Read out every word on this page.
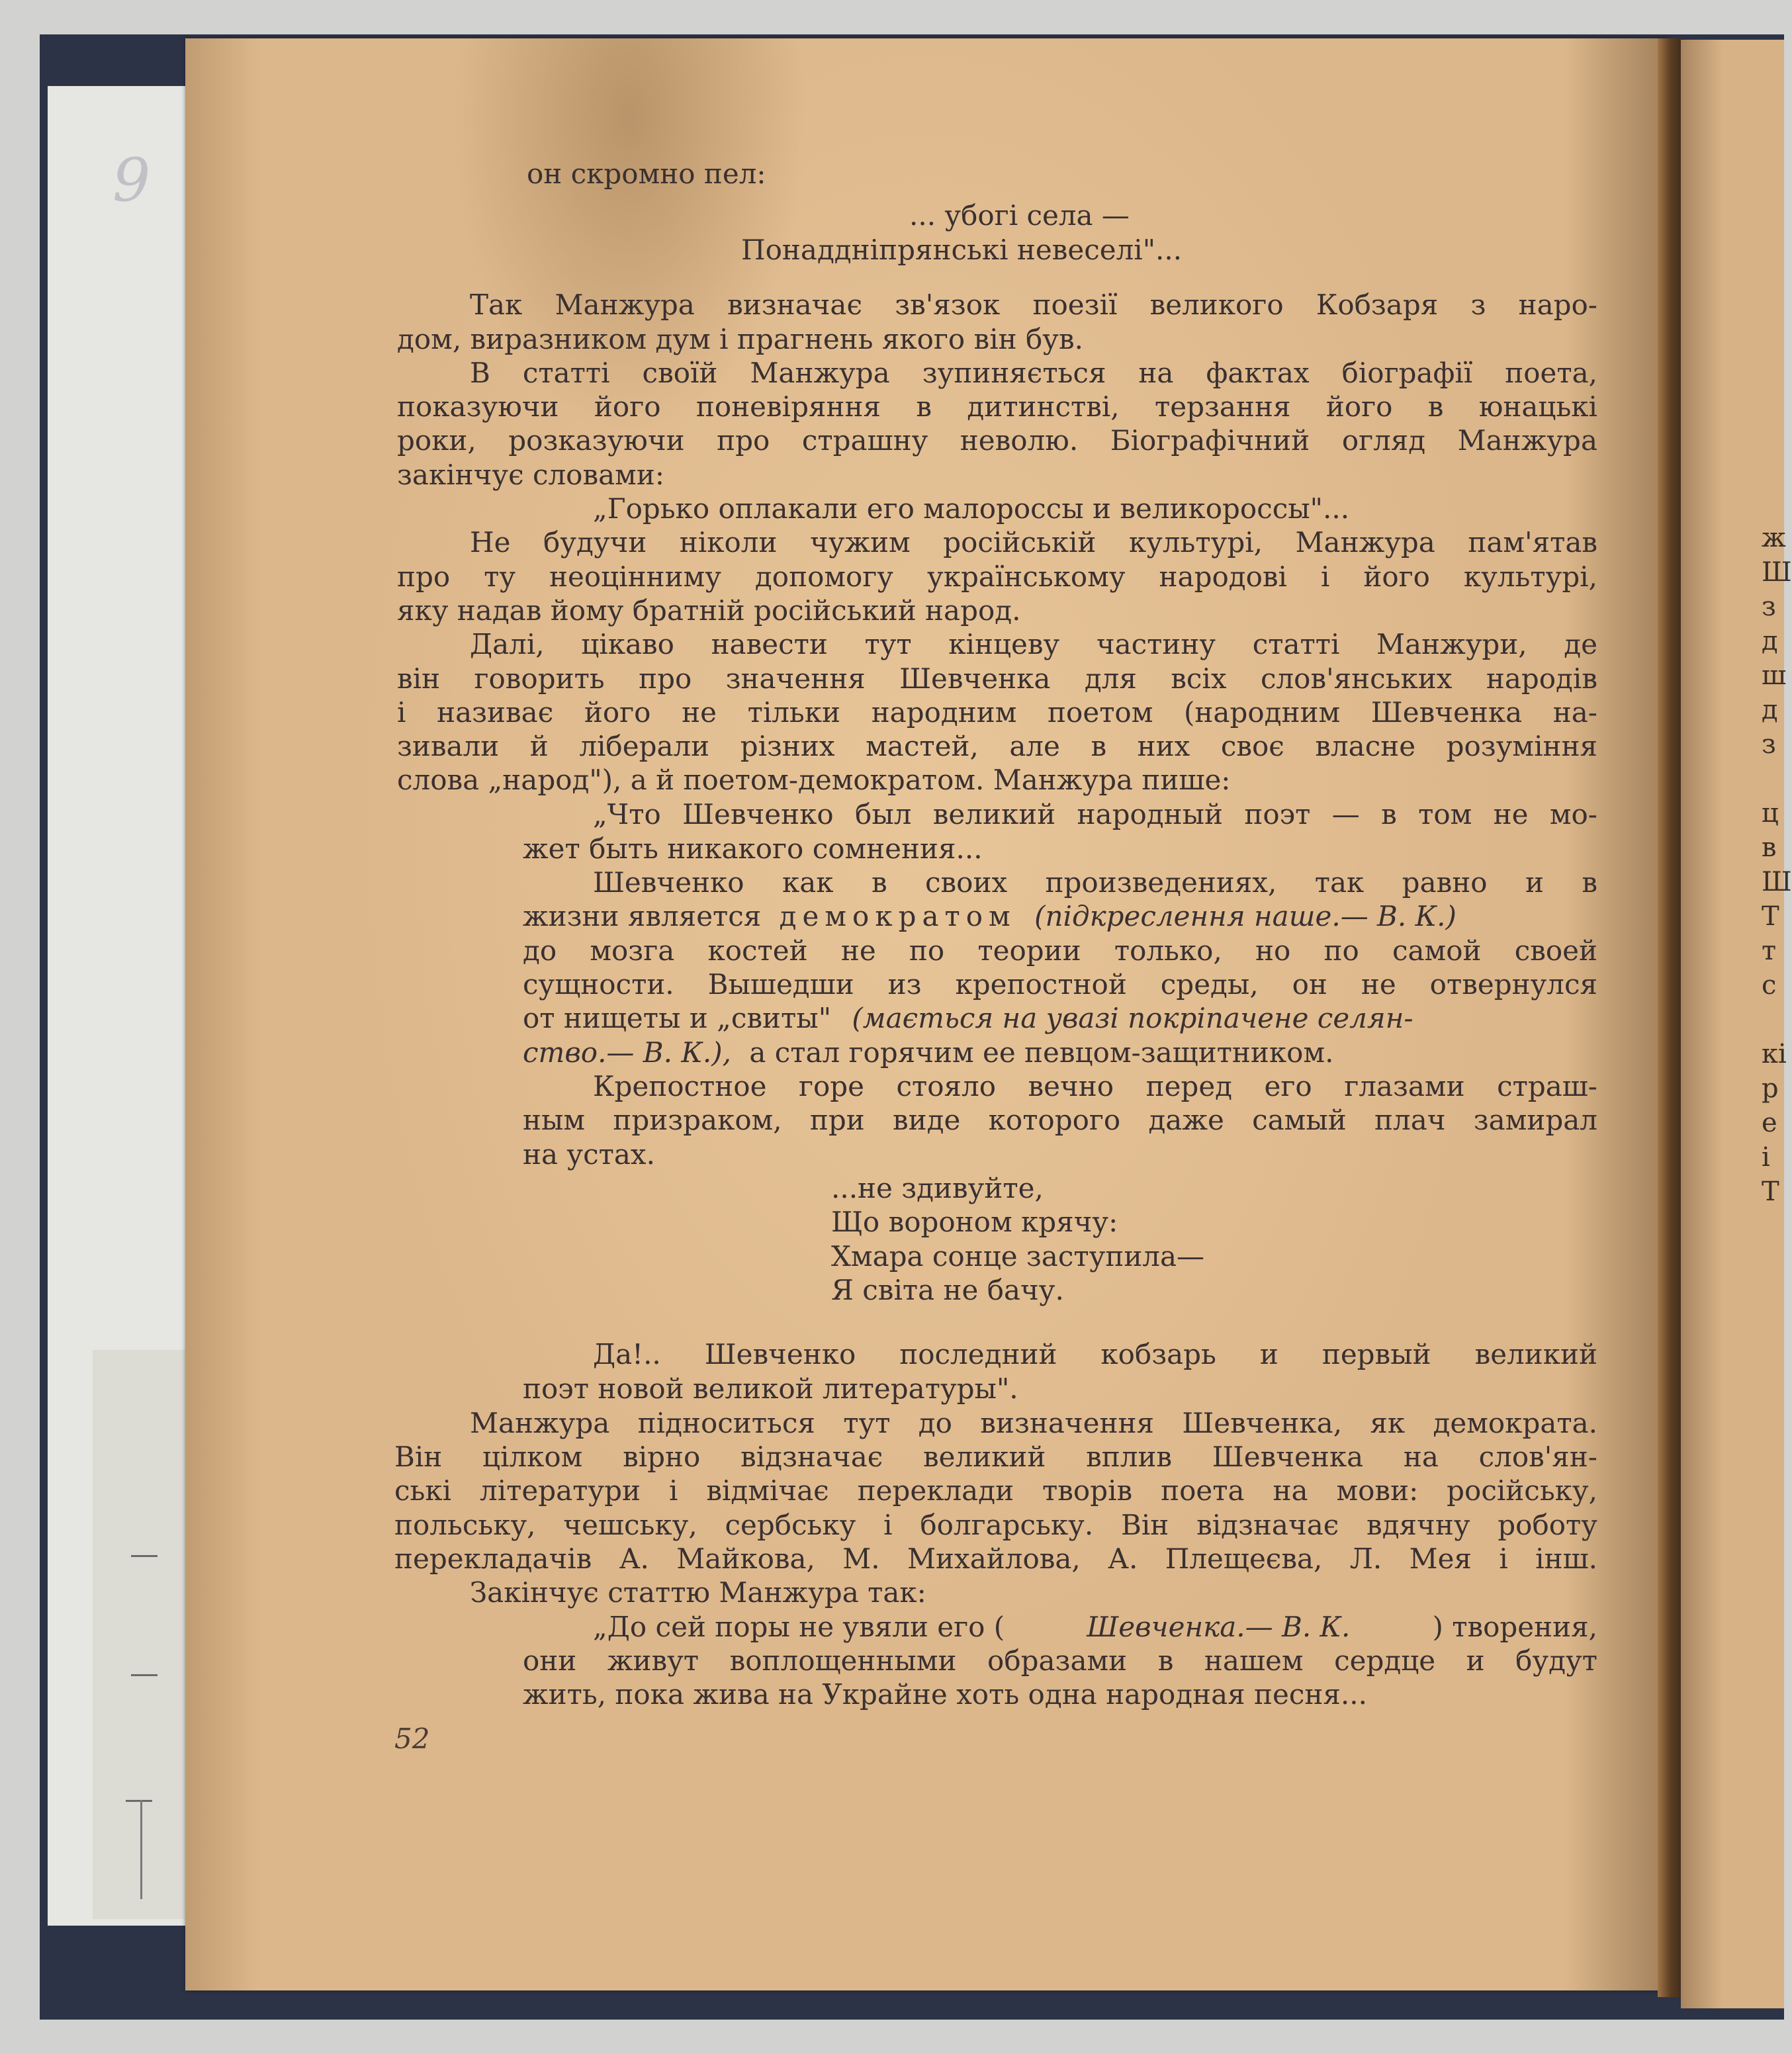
9	он скромно пел:
... убогі села —
Понаддніпрянські невеселі"...
Так Манжура визначає зв'язок поезії великого Кобзаря з наро-
дом, виразником дум і прагнень якого він був.
В статті своїй Манжура зупиняється на фактах біографії поета,
показуючи його поневіряння в дитинстві, терзання його в юнацькі
роки, розказуючи про страшну неволю. Біографічний огляд Манжура
закінчує словами:
„Горько оплакали его малороссы и великороссы"...
Не будучи ніколи чужим російській культурі, Манжура пам'ятав
про ту неоцінниму допомогу українському народові і його культурі,
яку надав йому братній російський народ.
Далі, цікаво навести тут кінцеву частину статті Манжури, де
він говорить про значення Шевченка для всіх слов'янських народів
і називає його не тільки народним поетом (народним Шевченка на-
зивали й ліберали різних мастей, але в них своє власне розуміння
слова „народ"), а й поетом-демократом. Манжура пише:
„Что Шевченко был великий народный поэт — в том не мо-
жет быть никакого сомнения...
Шевченко как в своих произведениях, так равно и в
жизни является демократом (підкреслення наше.— В. К.)
до мозга костей не по теории только, но по самой своей
сущности. Вышедши из крепостной среды, он не отвернулся
от нищеты и „свиты" (мається на увазі покріпачене селян-
ство.— В. К.), а стал горячим ее певцом-защитником.
Крепостное горе стояло вечно перед его глазами страш-
ным призраком, при виде которого даже самый плач замирал
на устах.
...не здивуйте,
Що вороном крячу:
Хмара сонце заступила—
Я світа не бачу.
Да!.. Шевченко последний кобзарь и первый великий
поэт новой великой литературы".
Манжура підноситься тут до визначення Шевченка, як демократа.
Він цілком вірно відзначає великий вплив Шевченка на слов'ян-
ські літератури і відмічає переклади творів поета на мови: російську,
польську, чешську, сербську і болгарську. Він відзначає вдячну роботу
перекладачів А. Майкова, М. Михайлова, А. Плещеєва, Л. Мея і інш.
Закінчує статтю Манжура так:
„До сей поры не увяли его (	Шевченка.— В. К.	) творения,
они живут воплощенными образами в нашем сердце и будут
жить, пока жива на Украйне хоть одна народная песня...
52
ж
Ш
з
д
ш
д
з
ц
в
Ш
Т
т
с
кі
р
е
і
Т
